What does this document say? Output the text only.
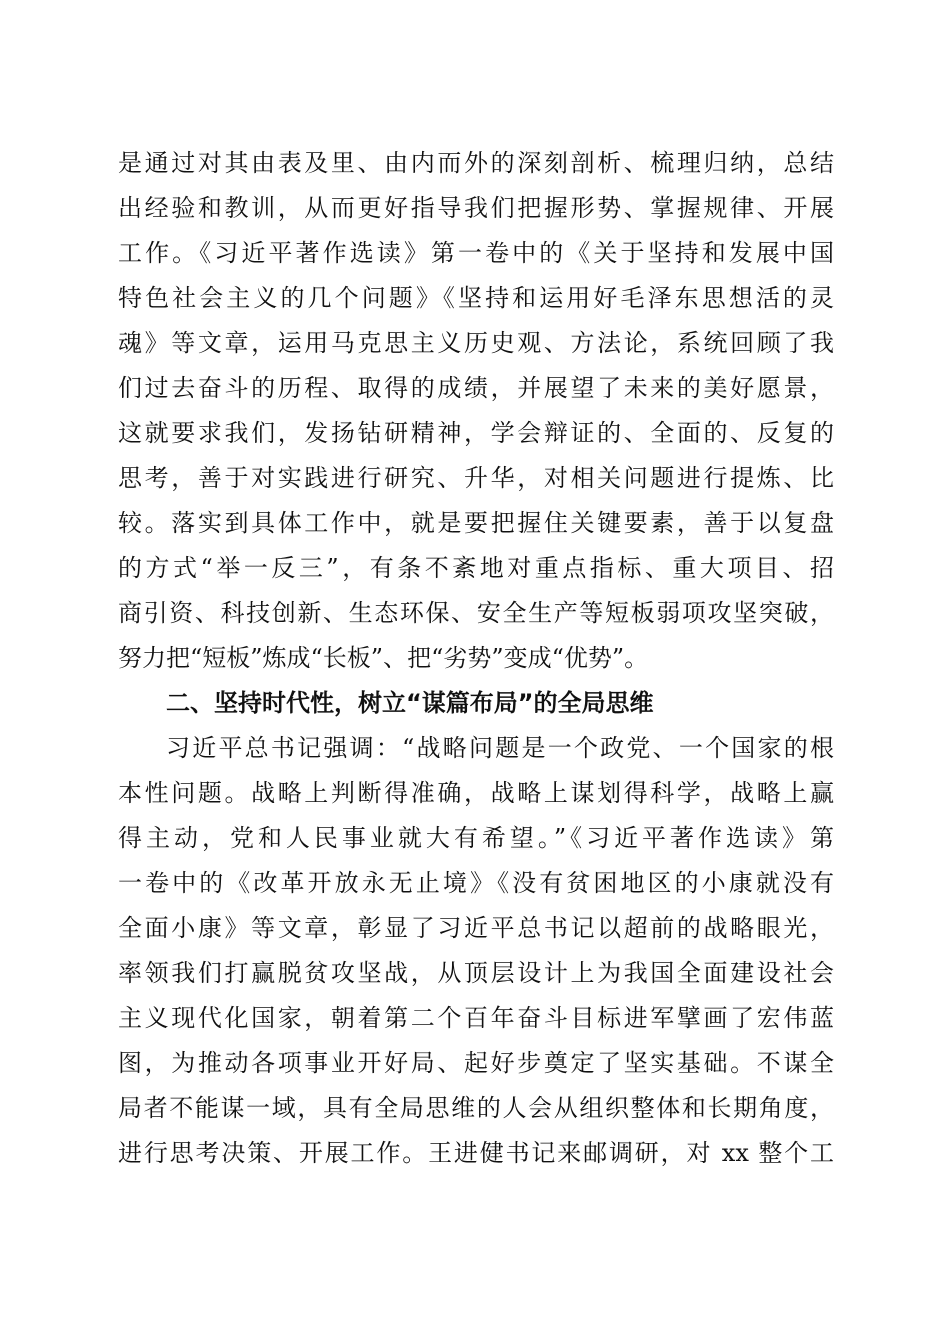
是通过对其由表及里、由内而外的深刻剖析、梳理归纳，总结
出经验和教训，从而更好指导我们把握形势、掌握规律、开展
工作。《习近平著作选读》第一卷中的《关于坚持和发展中国
特色社会主义的几个问题》《坚持和运用好毛泽东思想活的灵
魂》等文章，运用马克思主义历史观、方法论，系统回顾了我
们过去奋斗的历程、取得的成绩，并展望了未来的美好愿景，
这就要求我们，发扬钻研精神，学会辩证的、全面的、反复的
思考，善于对实践进行研究、升华，对相关问题进行提炼、比
较。落实到具体工作中，就是要把握住关键要素，善于以复盘
的方式“举一反三”，有条不紊地对重点指标、重大项目、招
商引资、科技创新、生态环保、安全生产等短板弱项攻坚突破，
努力把“短板”炼成“长板”、把“劣势”变成“优势”。
二、坚持时代性，树立“谋篇布局”的全局思维
习近平总书记强调：“战略问题是一个政党、一个国家的根
本性问题。战略上判断得准确，战略上谋划得科学，战略上赢
得主动，党和人民事业就大有希望。”《习近平著作选读》第
一卷中的《改革开放永无止境》《没有贫困地区的小康就没有
全面小康》等文章，彰显了习近平总书记以超前的战略眼光，
率领我们打赢脱贫攻坚战，从顶层设计上为我国全面建设社会
主义现代化国家，朝着第二个百年奋斗目标进军擘画了宏伟蓝
图，为推动各项事业开好局、起好步奠定了坚实基础。不谋全
局者不能谋一域，具有全局思维的人会从组织整体和长期角度，
进行思考决策、开展工作。王进健书记来邮调研，对 xx 整个工
